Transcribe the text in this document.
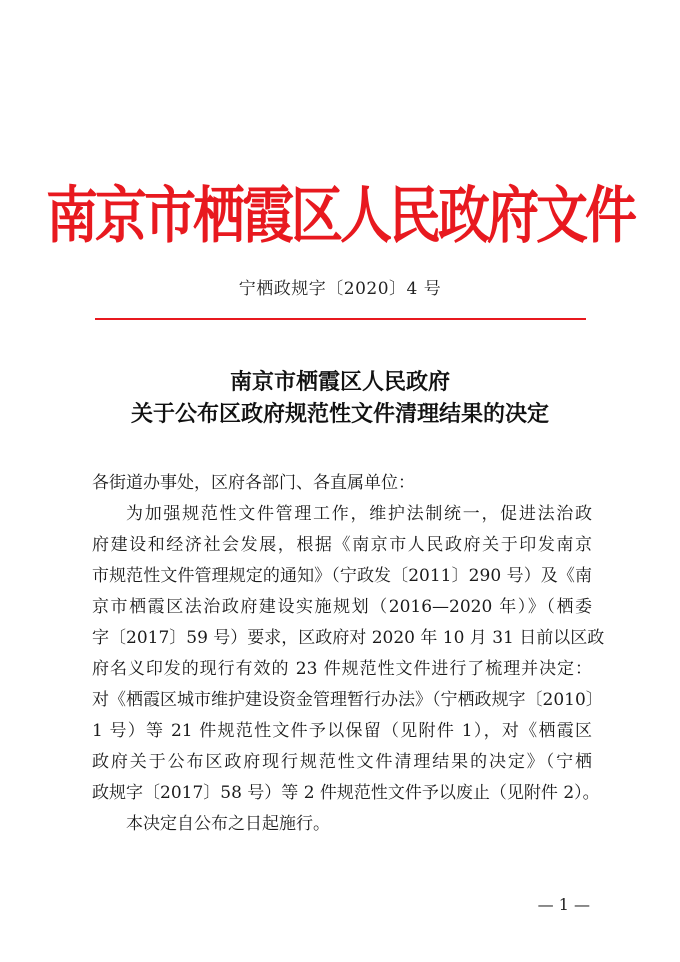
南京市栖霞区人民政府文件
宁栖政规字〔2020〕4 号
南京市栖霞区人民政府
关于公布区政府规范性文件清理结果的决定
各街道办事处，区府各部门、各直属单位：
为加强规范性文件管理工作，维护法制统一，促进法治政
府建设和经济社会发展，根据《南京市人民政府关于印发南京
市规范性文件管理规定的通知》（宁政发〔2011〕290 号）及《南
京市栖霞区法治政府建设实施规划（2016—2020 年）》（栖委
字〔2017〕59 号）要求，区政府对 2020 年 10 月 31 日前以区政
府名义印发的现行有效的 23 件规范性文件进行了梳理并决定：
对《栖霞区城市维护建设资金管理暂行办法》（宁栖政规字〔2010〕
1 号）等 21 件规范性文件予以保留（见附件 1），对《栖霞区
政府关于公布区政府现行规范性文件清理结果的决定》（宁栖
政规字〔2017〕58 号）等 2 件规范性文件予以废止（见附件 2）。
本决定自公布之日起施行。
— 1 —
